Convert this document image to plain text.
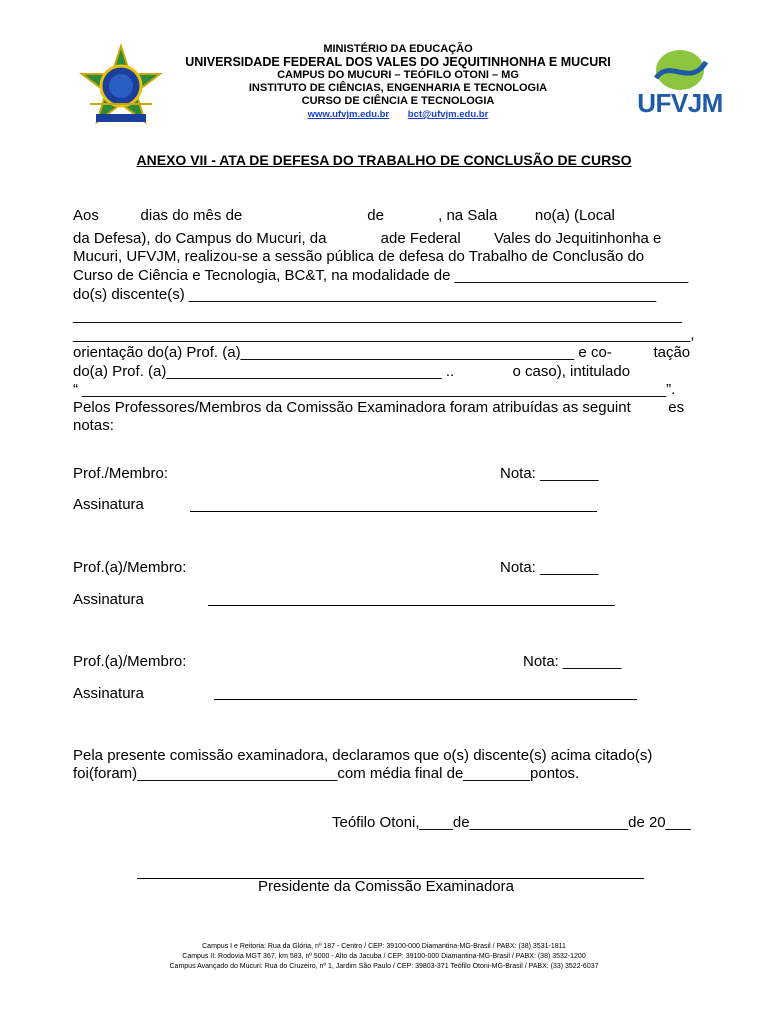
MINISTÉRIO DA EDUCAÇÃO
UNIVERSIDADE FEDERAL DOS VALES DO JEQUITINHONHA E MUCURI
CAMPUS DO MUCURI – TEÓFILO OTONI – MG
INSTITUTO DE CIÊNCIAS, ENGENHARIA E TECNOLOGIA
CURSO DE CIÊNCIA E TECNOLOGIA
www.ufvjm.edu.br bct@ufvjm.edu.br	UFVJM
ANEXO VII - ATA DE DEFESA DO TRABALHO DE CONCLUSÃO DE CURSO
Aos          dias do mês de                              de             , na Sala         no(a) (Local
da Defesa), do Campus do Mucuri, da             ade Federal        Vales do Jequitinhonha e
Mucuri, UFVJM, realizou-se a sessão pública de defesa do Trabalho de Conclusão do
Curso de Ciência e Tecnologia, BC&T, na modalidade de ____________________________
do(s) discente(s) ________________________________________________________
_________________________________________________________________________
__________________________________________________________________________,
orientação do(a) Prof. (a)________________________________________ e co-          tação
do(a) Prof. (a)_________________________________ ..              o caso), intitulado
“ ______________________________________________________________________”.
Pelos Professores/Membros da Comissão Examinadora foram atribuídas as seguint         es
notas:
Prof./Membro:	Nota: _______
Assinatura
Prof.(a)/Membro:	Nota: _______
Assinatura
Prof.(a)/Membro:	Nota: _______
Assinatura
Pela presente comissão examinadora, declaramos que o(s) discente(s) acima citado(s)
foi(foram)________________________com média final de________pontos.
Teófilo Otoni,____de___________________de 20___
Presidente da Comissão Examinadora
Campus I e Reitoria: Rua da Glória, nº 187 - Centro / CEP: 39100-000 Diamantina-MG-Brasil / PABX: (38) 3531-1811
Campus II: Rodovia MGT 367, km 583, nº 5000 - Alto da Jacuba / CEP: 39100-000 Diamantina-MG-Brasil / PABX: (38) 3532-1200
Campus Avançado do Mucuri: Rua do Cruzeiro, nº 1, Jardim São Paulo / CEP: 39803-371 Teófilo Otoni-MG-Brasil / PABX: (33) 3522-6037
